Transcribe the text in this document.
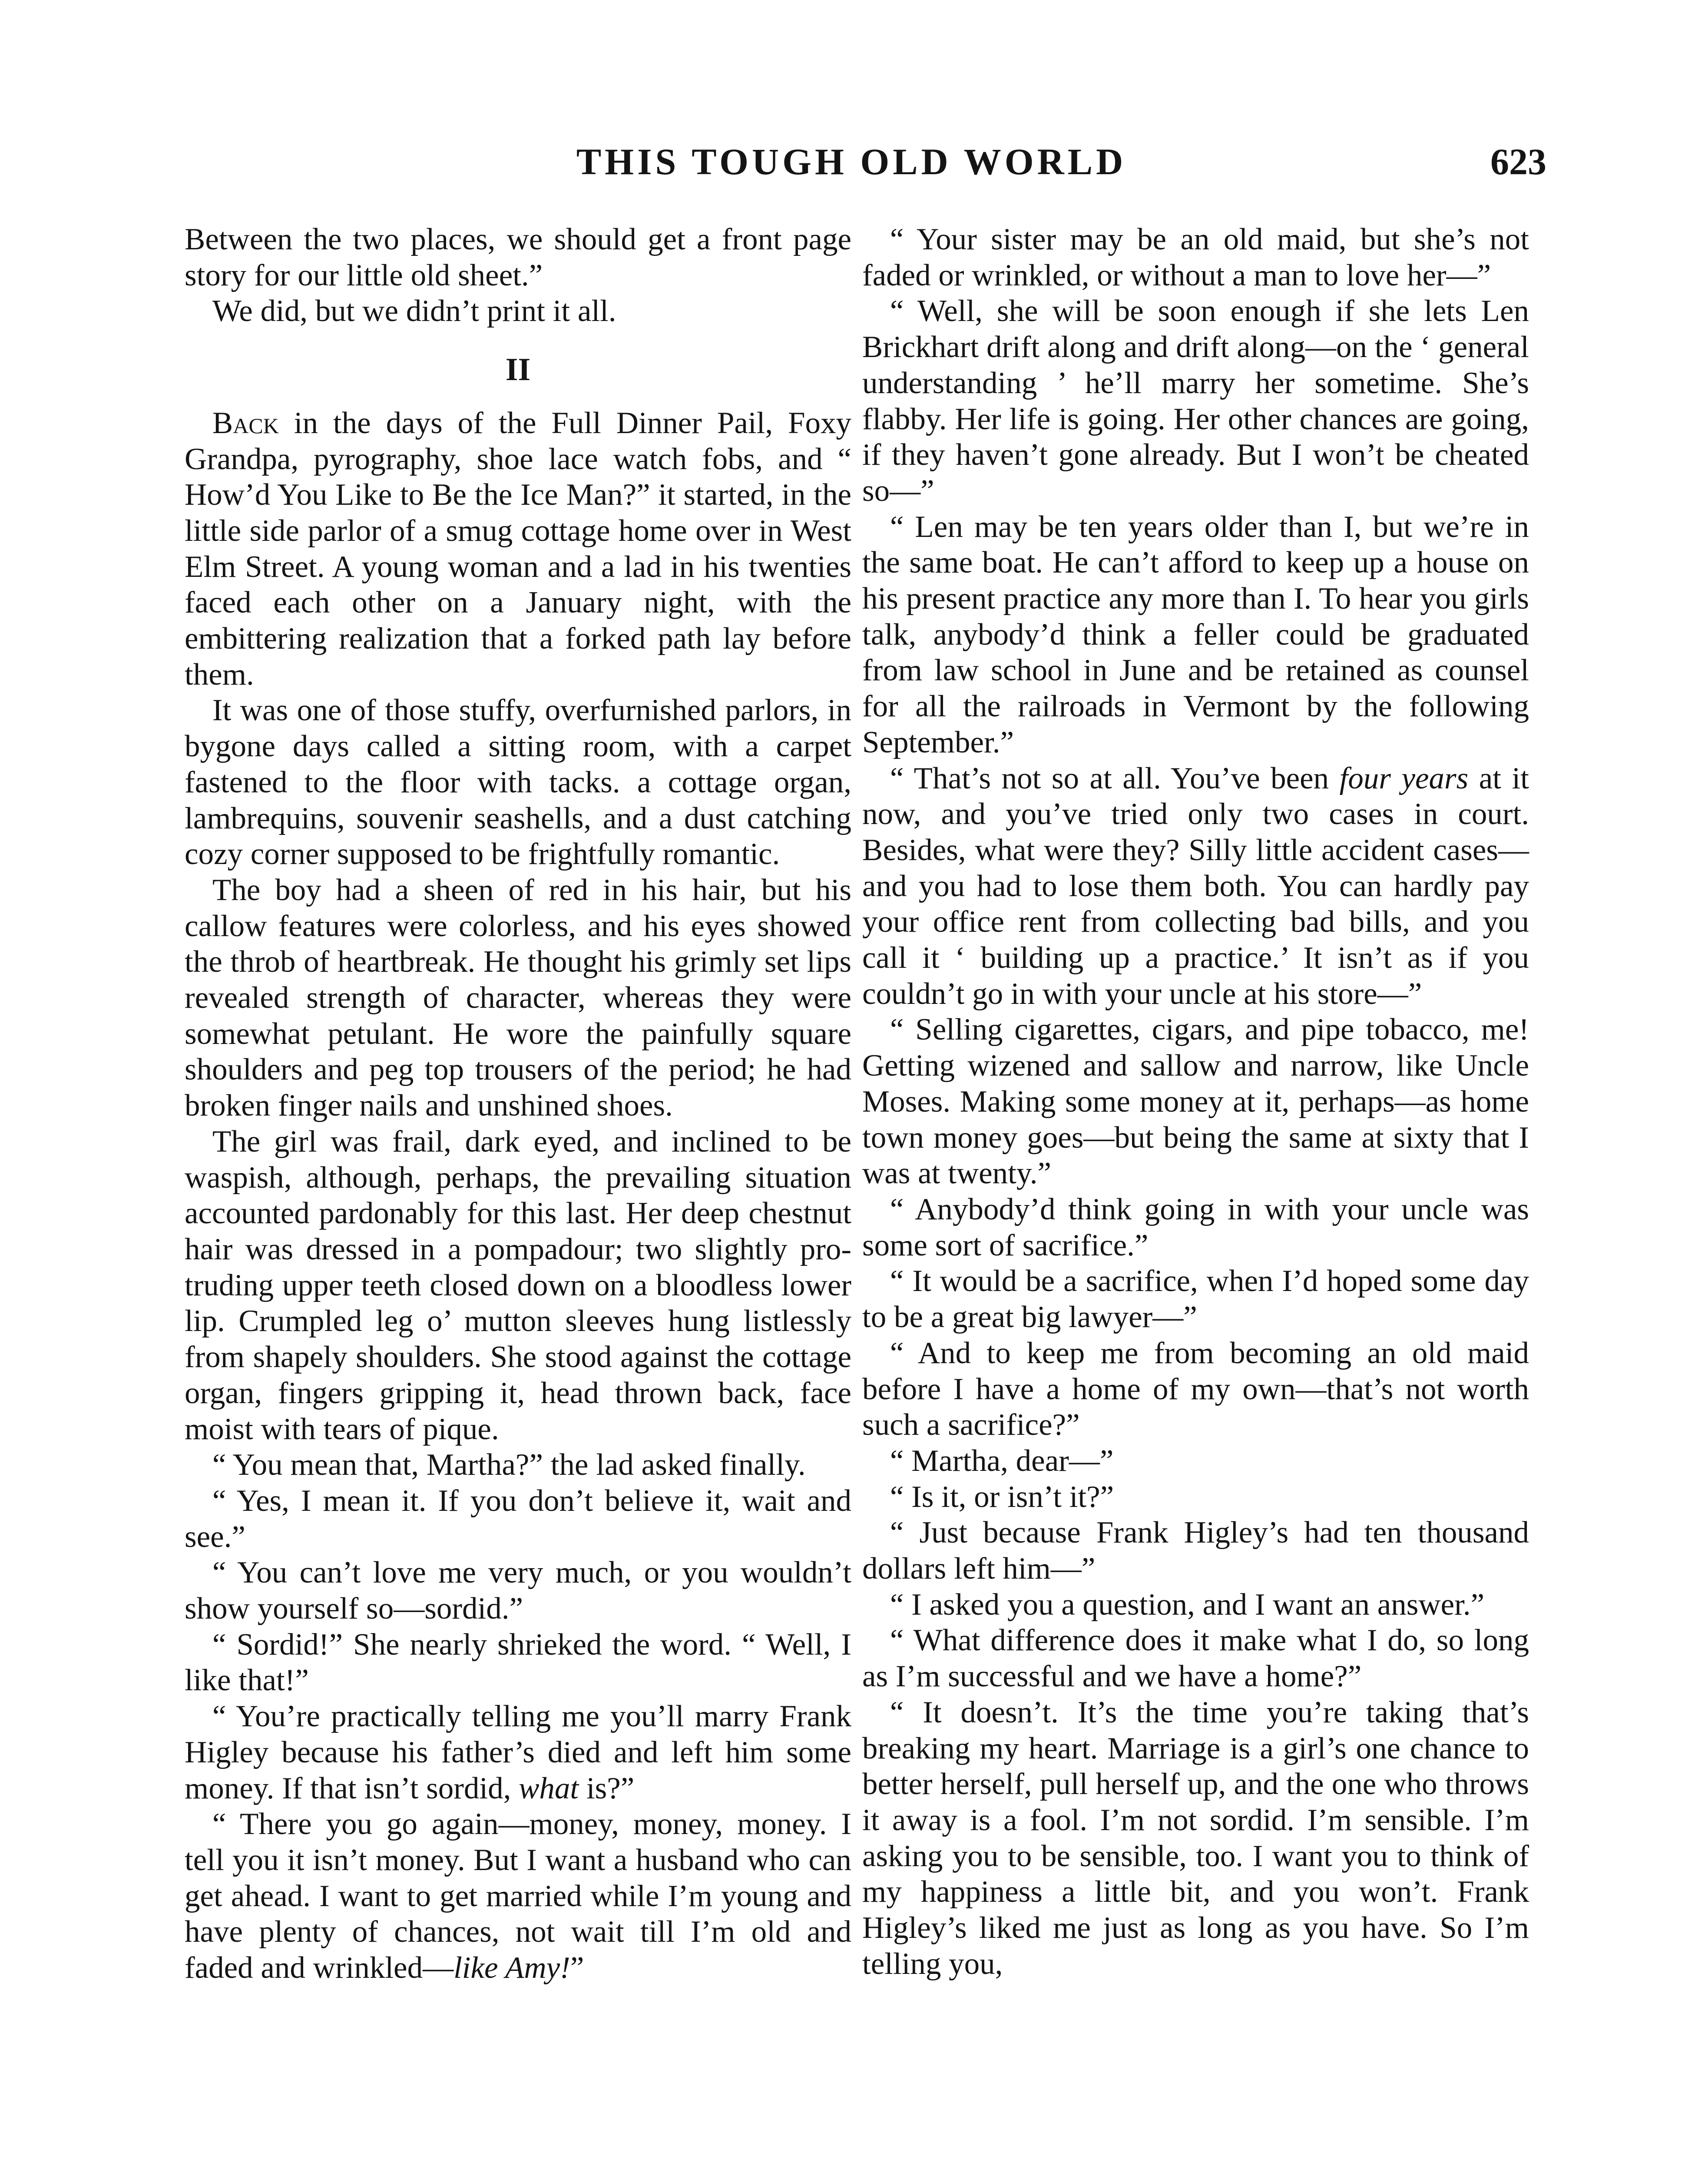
THIS TOUGH OLD WORLD	623

Between the two places, we should get a front page story for our little old sheet.”

We did, but we didn’t print it all.

II

Back in the days of the Full Dinner Pail, Foxy Grandpa, pyrography, shoe lace watch fobs, and “ How’d You Like to Be the Ice Man?” it started, in the little side parlor of a smug cottage home over in West Elm Street. A young woman and a lad in his twenties faced each other on a January night, with the embittering realization that a forked path lay before them.

It was one of those stuffy, overfurnished parlors, in bygone days called a sitting room, with a carpet fastened to the floor with tacks. a cottage organ, lambrequins, souvenir seashells, and a dust catching cozy corner supposed to be frightfully romantic.

The boy had a sheen of red in his hair, but his callow features were colorless, and his eyes showed the throb of heartbreak. He thought his grimly set lips revealed strength of character, whereas they were somewhat petulant. He wore the painfully square shoulders and peg top trousers of the period; he had broken finger nails and unshined shoes.

The girl was frail, dark eyed, and inclined to be waspish, although, perhaps, the prevailing situation accounted pardonably for this last. Her deep chestnut hair was dressed in a pompadour; two slightly protruding upper teeth closed down on a bloodless lower lip. Crumpled leg o’ mutton sleeves hung listlessly from shapely shoulders. She stood against the cottage organ, fingers gripping it, head thrown back, face moist with tears of pique.

“ You mean that, Martha?” the lad asked finally.

“ Yes, I mean it. If you don’t believe it, wait and see.”

“ You can’t love me very much, or you wouldn’t show yourself so—sordid.”

“ Sordid!” She nearly shrieked the word. “ Well, I like that!”

“ You’re practically telling me you’ll marry Frank Higley because his father’s died and left him some money. If that isn’t sordid, what is?”

“ There you go again—money, money, money. I tell you it isn’t money. But I want a husband who can get ahead. I want to get married while I’m young and have plenty of chances, not wait till I’m old and faded and wrinkled—like Amy!”

“ Your sister may be an old maid, but she’s not faded or wrinkled, or without a man to love her—”

“ Well, she will be soon enough if she lets Len Brickhart drift along and drift along—on the ‘ general understanding ’ he’ll marry her sometime. She’s flabby. Her life is going. Her other chances are going, if they haven’t gone already. But I won’t be cheated so—”

“ Len may be ten years older than I, but we’re in the same boat. He can’t afford to keep up a house on his present practice any more than I. To hear you girls talk, anybody’d think a feller could be graduated from law school in June and be retained as counsel for all the railroads in Vermont by the following September.”

“ That’s not so at all. You’ve been four years at it now, and you’ve tried only two cases in court. Besides, what were they? Silly little accident cases—and you had to lose them both. You can hardly pay your office rent from collecting bad bills, and you call it ‘ building up a practice.’ It isn’t as if you couldn’t go in with your uncle at his store—”

“ Selling cigarettes, cigars, and pipe tobacco, me! Getting wizened and sallow and narrow, like Uncle Moses. Making some money at it, perhaps—as home town money goes—but being the same at sixty that I was at twenty.”

“ Anybody’d think going in with your uncle was some sort of sacrifice.”

“ It would be a sacrifice, when I’d hoped some day to be a great big lawyer—”

“ And to keep me from becoming an old maid before I have a home of my own—that’s not worth such a sacrifice?”

“ Martha, dear—”

“ Is it, or isn’t it?”

“ Just because Frank Higley’s had ten thousand dollars left him—”

“ I asked you a question, and I want an answer.”

“ What difference does it make what I do, so long as I’m successful and we have a home?”

“ It doesn’t. It’s the time you’re taking that’s breaking my heart. Marriage is a girl’s one chance to better herself, pull herself up, and the one who throws it away is a fool. I’m not sordid. I’m sensible. I’m asking you to be sensible, too. I want you to think of my happiness a little bit, and you won’t. Frank Higley’s liked me just as long as you have. So I’m telling you,
